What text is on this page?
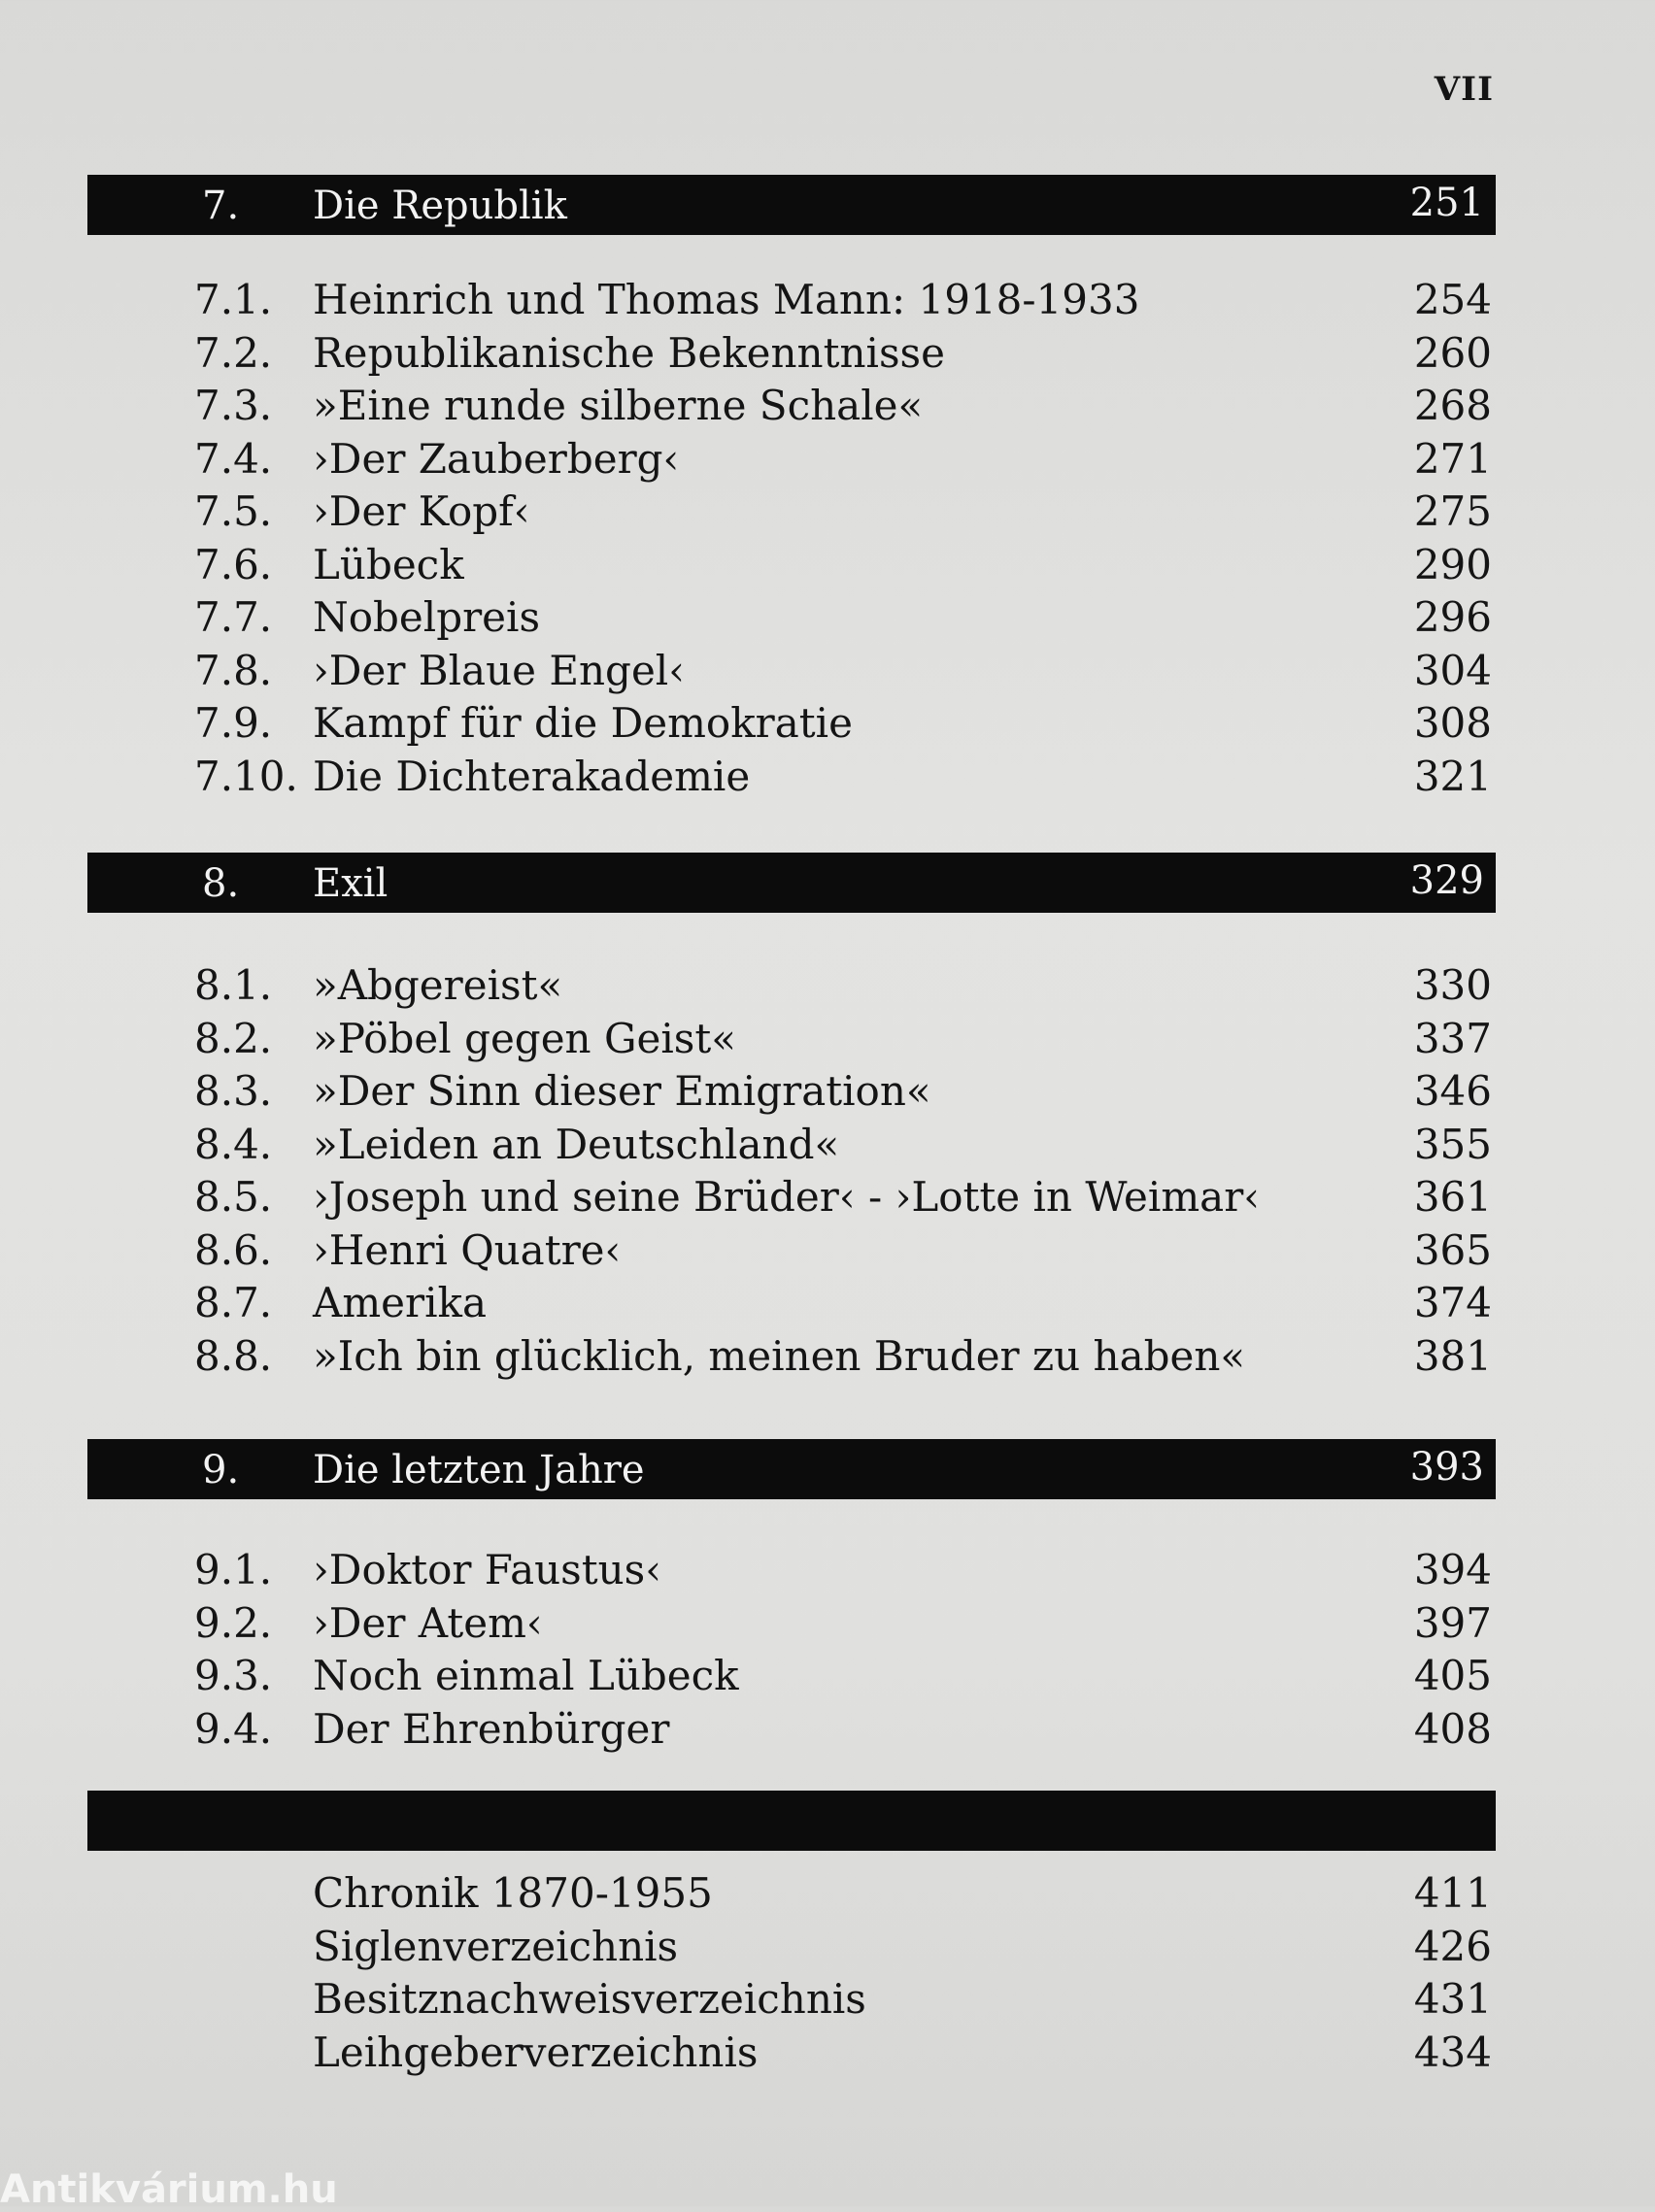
VII
7. Die Republik	251
7.1. Heinrich und Thomas Mann: 1918-1933	254
7.2. Republikanische Bekenntnisse	260
7.3. »Eine runde silberne Schale«	268
7.4. ›Der Zauberberg‹	271
7.5. ›Der Kopf‹	275
7.6. Lübeck	290
7.7. Nobelpreis	296
7.8. ›Der Blaue Engel‹	304
7.9. Kampf für die Demokratie	308
7.10. Die Dichterakademie	321
8. Exil	329
8.1. »Abgereist«	330
8.2. »Pöbel gegen Geist«	337
8.3. »Der Sinn dieser Emigration«	346
8.4. »Leiden an Deutschland«	355
8.5. ›Joseph und seine Brüder‹ - ›Lotte in Weimar‹	361
8.6. ›Henri Quatre‹	365
8.7. Amerika	374
8.8. »Ich bin glücklich, meinen Bruder zu haben«	381
9. Die letzten Jahre	393
9.1. ›Doktor Faustus‹	394
9.2. ›Der Atem‹	397
9.3. Noch einmal Lübeck	405
9.4. Der Ehrenbürger	408
Chronik 1870-1955	411
Siglenverzeichnis	426
Besitznachweisverzeichnis	431
Leihgeberverzeichnis	434
Antikvárium.hu
